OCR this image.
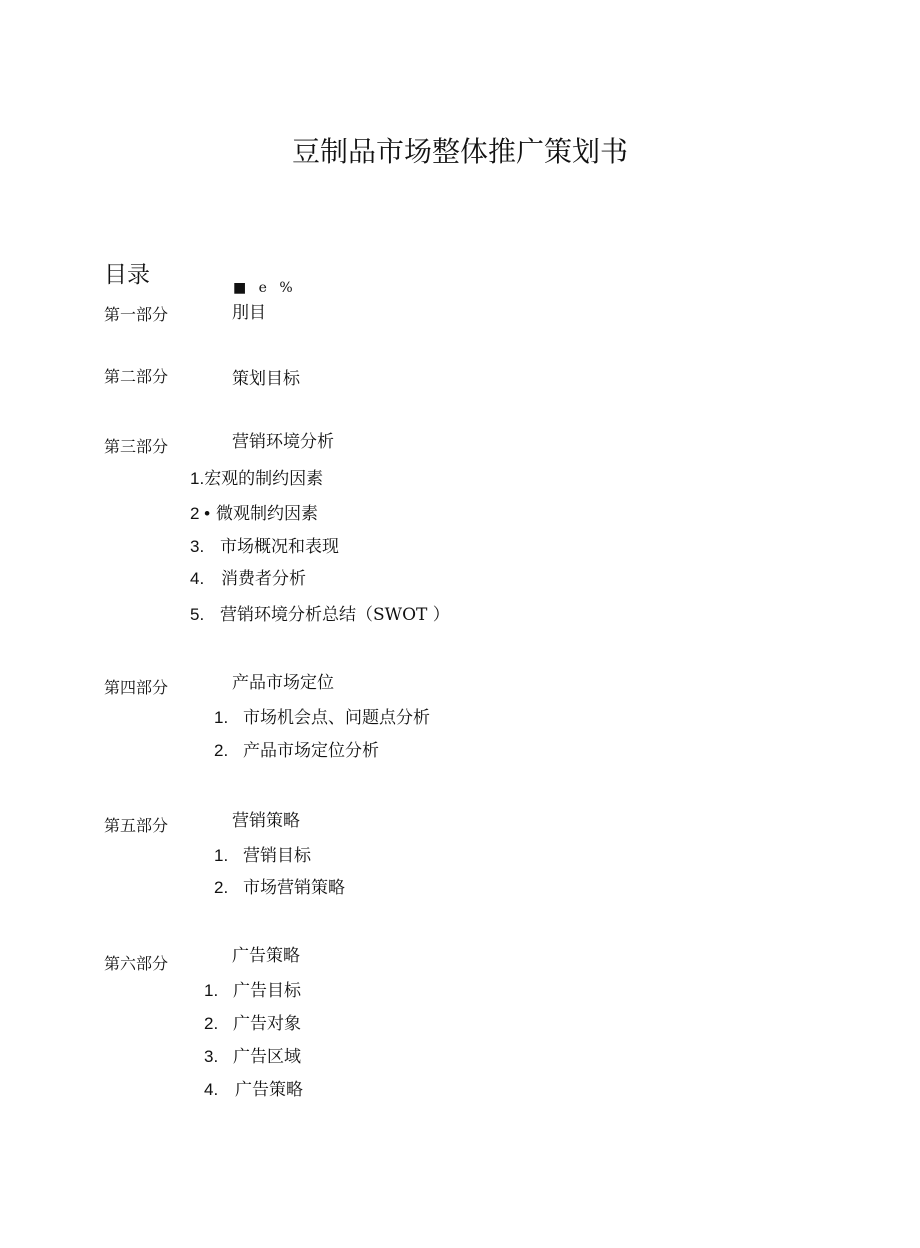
豆制品市场整体推广策划书
目录	■ e %
第一部分	刖目
第二部分	策划目标
第三部分	营销环境分析
1.宏观的制约因素
2 • 微观制约因素
3. 市场概况和表现
4. 消费者分析
5. 营销环境分析总结（SWOT ）
第四部分	产品市场定位
1. 市场机会点、问题点分析
2. 产品市场定位分析
第五部分	营销策略
1. 营销目标
2. 市场营销策略
第六部分	广告策略
1. 广告目标
2. 广告对象
3. 广告区域
4. 广告策略
